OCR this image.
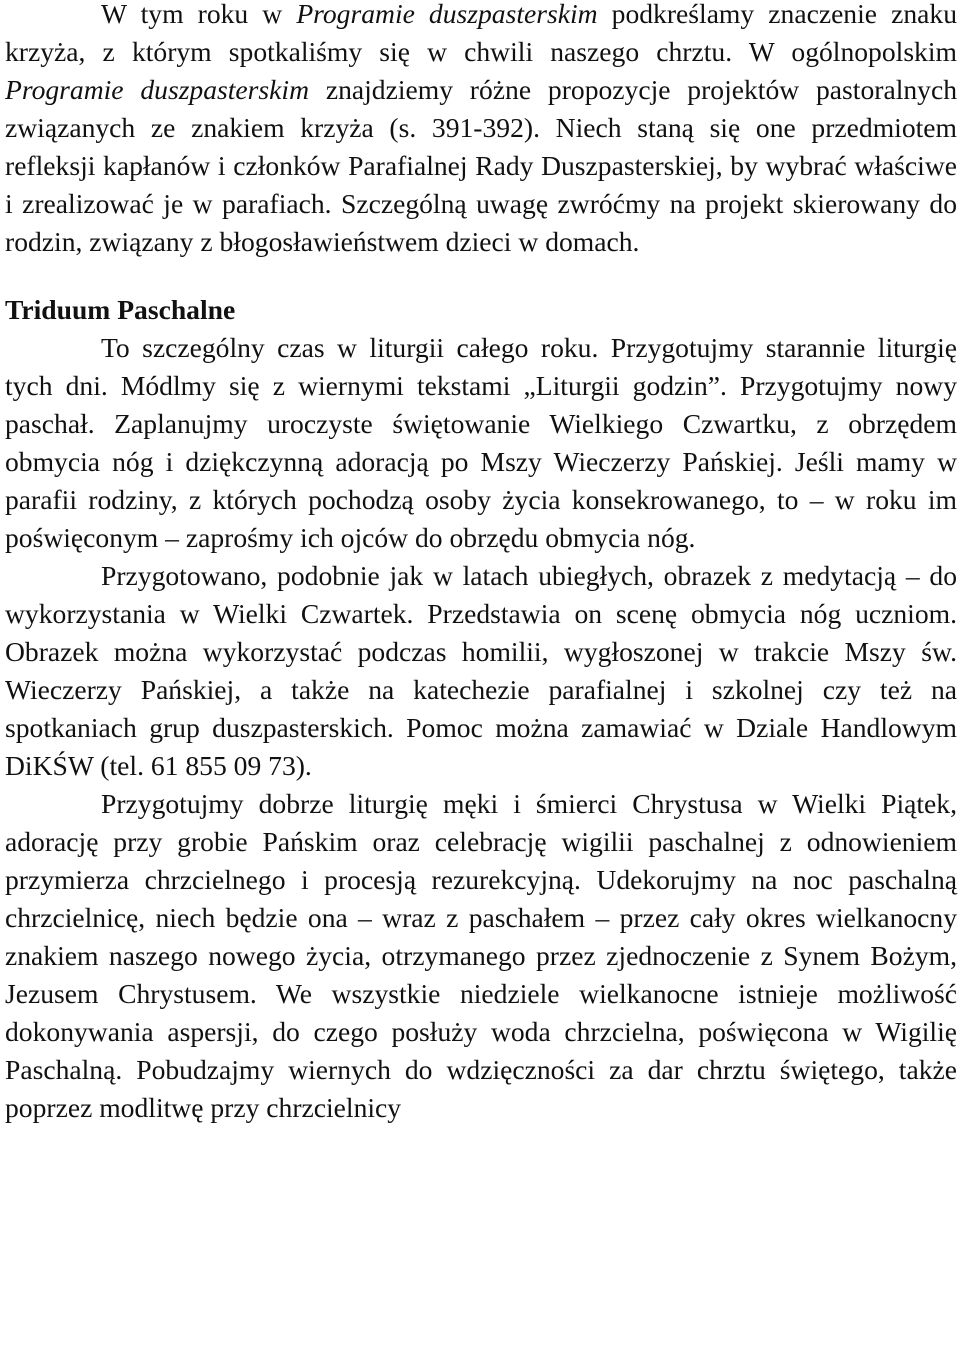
W tym roku w Programie duszpasterskim podkreślamy znaczenie znaku krzyża, z którym spotkaliśmy się w chwili naszego chrztu. W ogólnopolskim Programie duszpasterskim znajdziemy różne propozycje projektów pastoralnych związanych ze znakiem krzyża (s. 391-392). Niech staną się one przedmiotem refleksji kapłanów i członków Parafialnej Rady Duszpasterskiej, by wybrać właściwe i zrealizować je w parafiach. Szczególną uwagę zwróćmy na projekt skierowany do rodzin, związany z błogosławieństwem dzieci w domach.

Triduum Paschalne

To szczególny czas w liturgii całego roku. Przygotujmy starannie liturgię tych dni. Módlmy się z wiernymi tekstami „Liturgii godzin”. Przygotujmy nowy paschał. Zaplanujmy uroczyste świętowanie Wielkiego Czwartku, z obrzędem obmycia nóg i dziękczynną adoracją po Mszy Wieczerzy Pańskiej. Jeśli mamy w parafii rodziny, z których pochodzą osoby życia konsekrowanego, to – w roku im poświęconym – zaprośmy ich ojców do obrzędu obmycia nóg.

Przygotowano, podobnie jak w latach ubiegłych, obrazek z medytacją – do wykorzystania w Wielki Czwartek. Przedstawia on scenę obmycia nóg uczniom. Obrazek można wykorzystać podczas homilii, wygłoszonej w trakcie Mszy św. Wieczerzy Pańskiej, a także na katechezie parafialnej i szkolnej czy też na spotkaniach grup duszpasterskich. Pomoc można zamawiać w Dziale Handlowym DiKŚW (tel. 61 855 09 73).

Przygotujmy dobrze liturgię męki i śmierci Chrystusa w Wielki Piątek, adorację przy grobie Pańskim oraz celebrację wigilii paschalnej z odnowieniem przymierza chrzcielnego i procesją rezurekcyjną. Udekorujmy na noc paschalną chrzcielnicę, niech będzie ona – wraz z paschałem – przez cały okres wielkanocny znakiem naszego nowego życia, otrzymanego przez zjednoczenie z Synem Bożym, Jezusem Chrystusem. We wszystkie niedziele wielkanocne istnieje możliwość dokonywania aspersji, do czego posłuży woda chrzcielna, poświęcona w Wigilię Paschalną. Pobudzajmy wiernych do wdzięczności za dar chrztu świętego, także poprzez modlitwę przy chrzcielnicy
